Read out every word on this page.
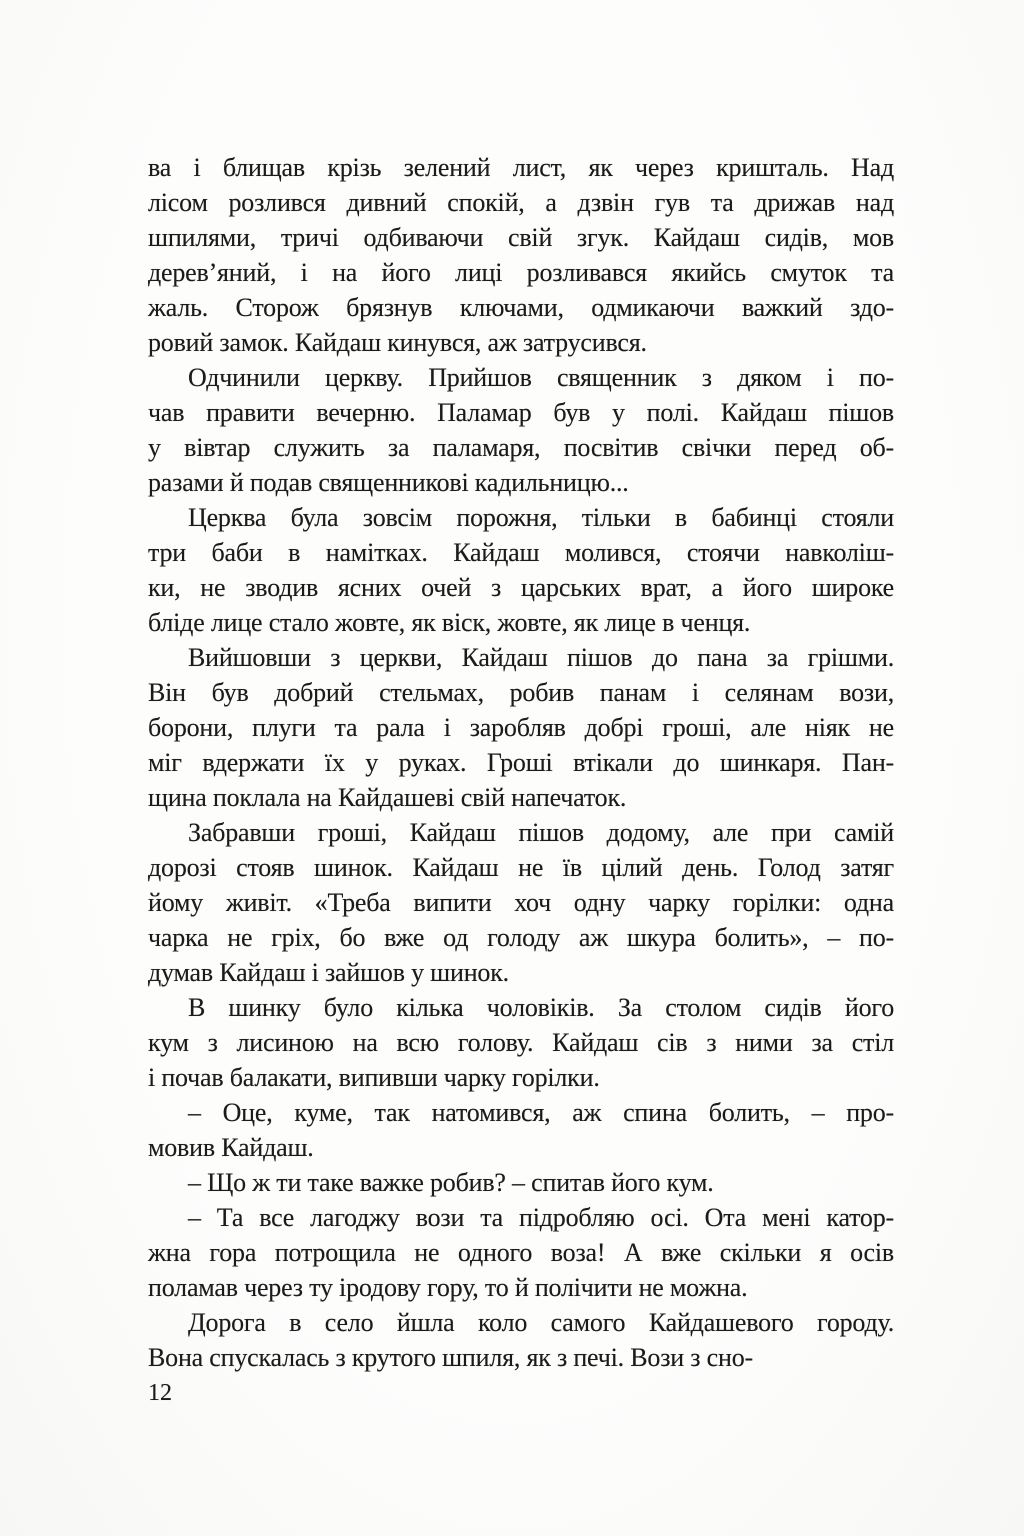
ва і блищав крізь зелений лист, як через кришталь. Над
лісом розлився дивний спокій, а дзвін гув та дрижав над
шпилями, тричі одбиваючи свій згук. Кайдаш сидів, мов
дерев’яний, і на його лиці розливався якийсь смуток та
жаль. Сторож брязнув ключами, одмикаючи важкий здо-
ровий замок. Кайдаш кинувся, аж затрусився.
Одчинили церкву. Прийшов священник з дяком і по-
чав правити вечерню. Паламар був у полі. Кайдаш пішов
у вівтар служить за паламаря, посвітив свічки перед об-
разами й подав священникові кадильницю...
Церква була зовсім порожня, тільки в бабинці стояли
три баби в намітках. Кайдаш молився, стоячи навколіш-
ки, не зводив ясних очей з царських врат, а його широке
бліде лице стало жовте, як віск, жовте, як лице в ченця.
Вийшовши з церкви, Кайдаш пішов до пана за грішми.
Він був добрий стельмах, робив панам і селянам вози,
борони, плуги та рала і заробляв добрі гроші, але ніяк не
міг вдержати їх у руках. Гроші втікали до шинкаря. Пан-
щина поклала на Кайдашеві свій напечаток.
Забравши гроші, Кайдаш пішов додому, але при самій
дорозі стояв шинок. Кайдаш не їв цілий день. Голод затяг
йому живіт. «Треба випити хоч одну чарку горілки: одна
чарка не гріх, бо вже од голоду аж шкура болить», – по-
думав Кайдаш і зайшов у шинок.
В шинку було кілька чоловіків. За столом сидів його
кум з лисиною на всю голову. Кайдаш сів з ними за стіл
і почав балакати, випивши чарку горілки.
– Оце, куме, так натомився, аж спина болить, – про-
мовив Кайдаш.
– Що ж ти таке важке робив? – спитав його кум.
– Та все лагоджу вози та підробляю осі. Ота мені катор-
жна гора потрощила не одного воза! А вже скільки я осів
поламав через ту іродову гору, то й полічити не можна.
Дорога в село йшла коло самого Кайдашевого городу.
Вона спускалась з крутого шпиля, як з печі. Вози з сно-
12
